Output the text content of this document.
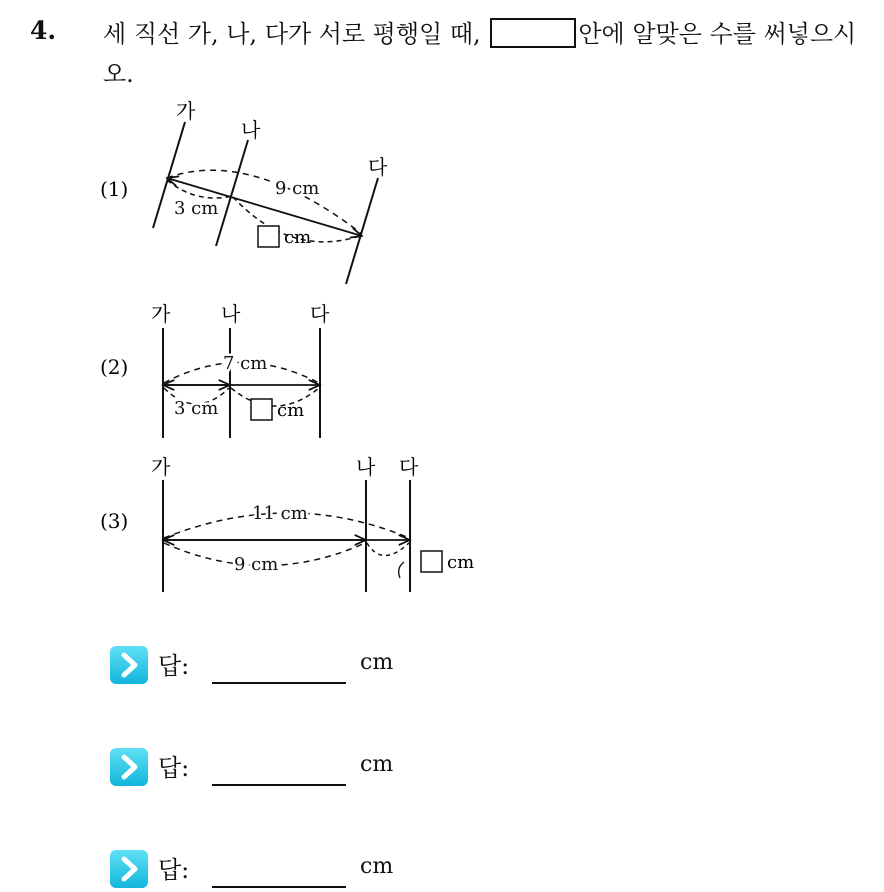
4. 세 직선 가, 나, 다가 서로 평행일 때,	안에 알맞은 수를 써넣으시오.
(1)
가
나
다
9 cm
3 cm
cm
(2)
가	나	다
7 cm
3 cm	cm
(3)
가	나 다
11 cm
9 cm	cm
답:	cm
답:	cm
답:	cm
